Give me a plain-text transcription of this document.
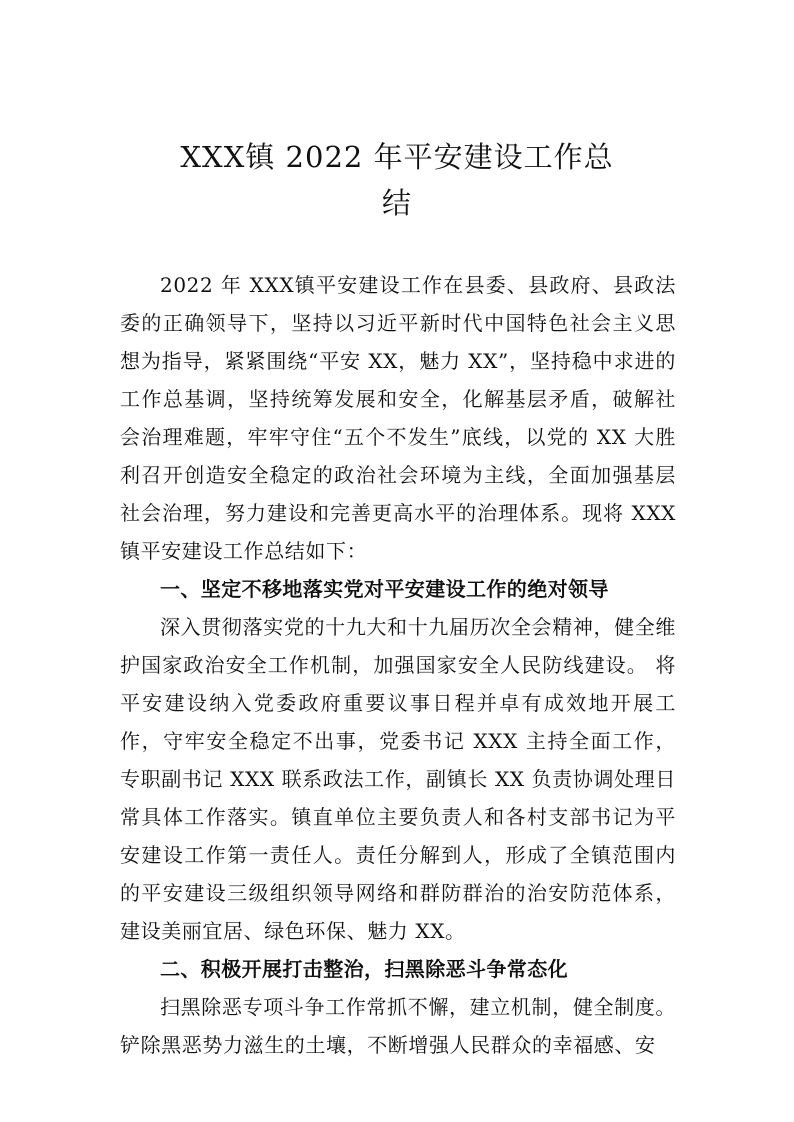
XXX镇 2022 年平安建设工作总
结

2022 年 XXX镇平安建设工作在县委、县政府、县政法委的正确领导下，坚持以习近平新时代中国特色社会主义思想为指导，紧紧围绕“平安 XX，魅力 XX”，坚持稳中求进的工作总基调，坚持统筹发展和安全，化解基层矛盾，破解社会治理难题，牢牢守住“五个不发生”底线，以党的 XX 大胜利召开创造安全稳定的政治社会环境为主线，全面加强基层社会治理，努力建设和完善更高水平的治理体系。现将 XXX镇平安建设工作总结如下：

一、坚定不移地落实党对平安建设工作的绝对领导

深入贯彻落实党的十九大和十九届历次全会精神，健全维护国家政治安全工作机制，加强国家安全人民防线建设。 将平安建设纳入党委政府重要议事日程并卓有成效地开展工作，守牢安全稳定不出事，党委书记 XXX 主持全面工作， 专职副书记 XXX 联系政法工作，副镇长 XX 负责协调处理日常具体工作落实。镇直单位主要负责人和各村支部书记为平安建设工作第一责任人。责任分解到人，形成了全镇范围内的平安建设三级组织领导网络和群防群治的治安防范体系，建设美丽宜居、绿色环保、魅力 XX。

二、积极开展打击整治，扫黑除恶斗争常态化

扫黑除恶专项斗争工作常抓不懈，建立机制，健全制度。铲除黑恶势力滋生的土壤，不断增强人民群众的幸福感、安
